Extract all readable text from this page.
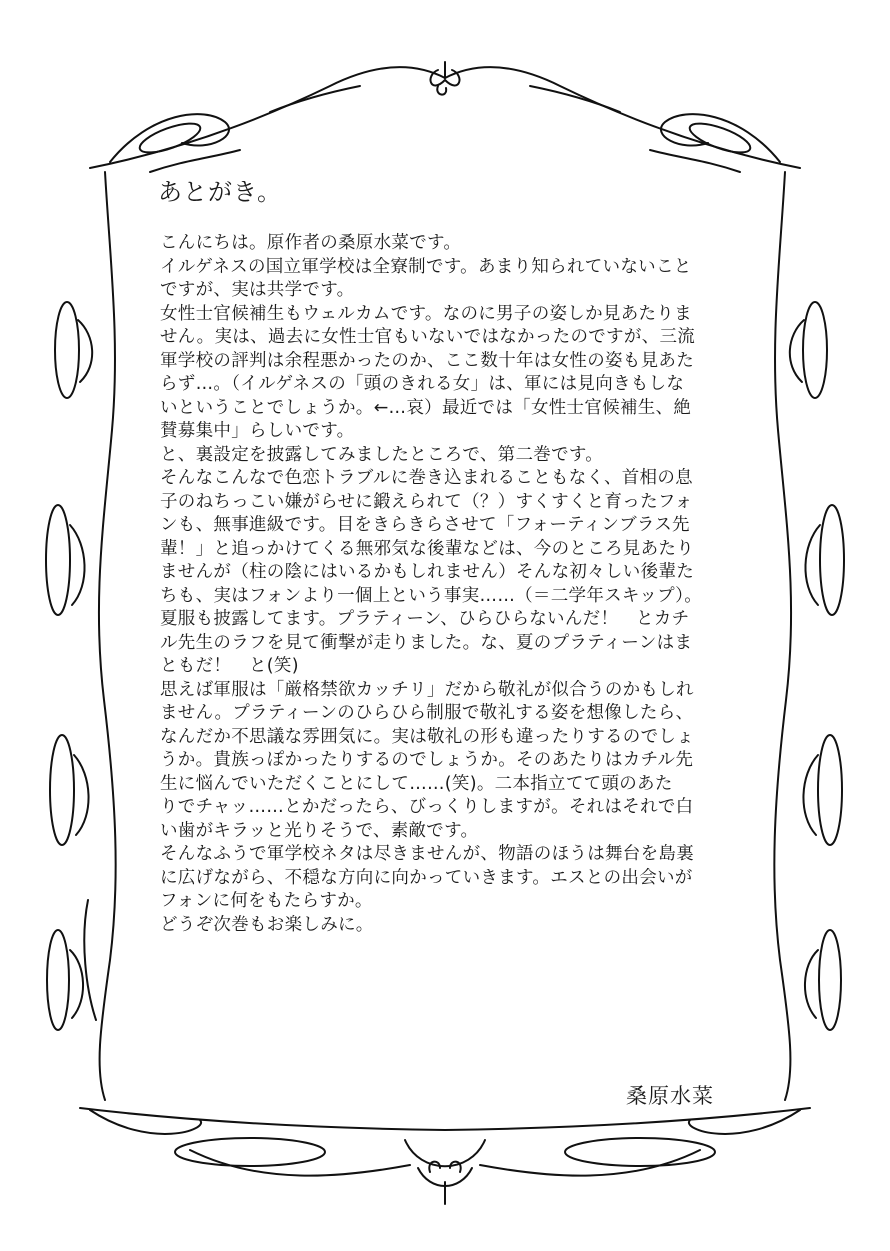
あとがき。
こんにちは。原作者の桑原水菜です。
イルゲネスの国立軍学校は全寮制です。あまり知られていないこと
ですが、実は共学です。
女性士官候補生もウェルカムです。なのに男子の姿しか見あたりま
せん。実は、過去に女性士官もいないではなかったのですが、三流
軍学校の評判は余程悪かったのか、ここ数十年は女性の姿も見あた
らず…。（イルゲネスの「頭のきれる女」は、軍には見向きもしな
いということでしょうか。←…哀）最近では「女性士官候補生、絶
賛募集中」らしいです。
と、裏設定を披露してみましたところで、第二巻です。
そんなこんなで色恋トラブルに巻き込まれることもなく、首相の息
子のねちっこい嫌がらせに鍛えられて（？）すくすくと育ったフォ
ンも、無事進級です。目をきらきらさせて「フォーティンブラス先
輩！」と追っかけてくる無邪気な後輩などは、今のところ見あたり
ませんが（柱の陰にはいるかもしれません）そんな初々しい後輩た
ちも、実はフォンより一個上という事実……（＝二学年スキップ）。
夏服も披露してます。プラティーン、ひらひらないんだ！　とカチ
ル先生のラフを見て衝撃が走りました。な、夏のプラティーンはま
ともだ！　と(笑)
思えば軍服は「厳格禁欲カッチリ」だから敬礼が似合うのかもしれ
ません。プラティーンのひらひら制服で敬礼する姿を想像したら、
なんだか不思議な雰囲気に。実は敬礼の形も違ったりするのでしょ
うか。貴族っぽかったりするのでしょうか。そのあたりはカチル先
生に悩んでいただくことにして……(笑)。二本指立てて頭のあた
りでチャッ……とかだったら、びっくりしますが。それはそれで白
い歯がキラッと光りそうで、素敵です。
そんなふうで軍学校ネタは尽きませんが、物語のほうは舞台を島裏
に広げながら、不穏な方向に向かっていきます。エスとの出会いが
フォンに何をもたらすか。
どうぞ次巻もお楽しみに。
桑原水菜
